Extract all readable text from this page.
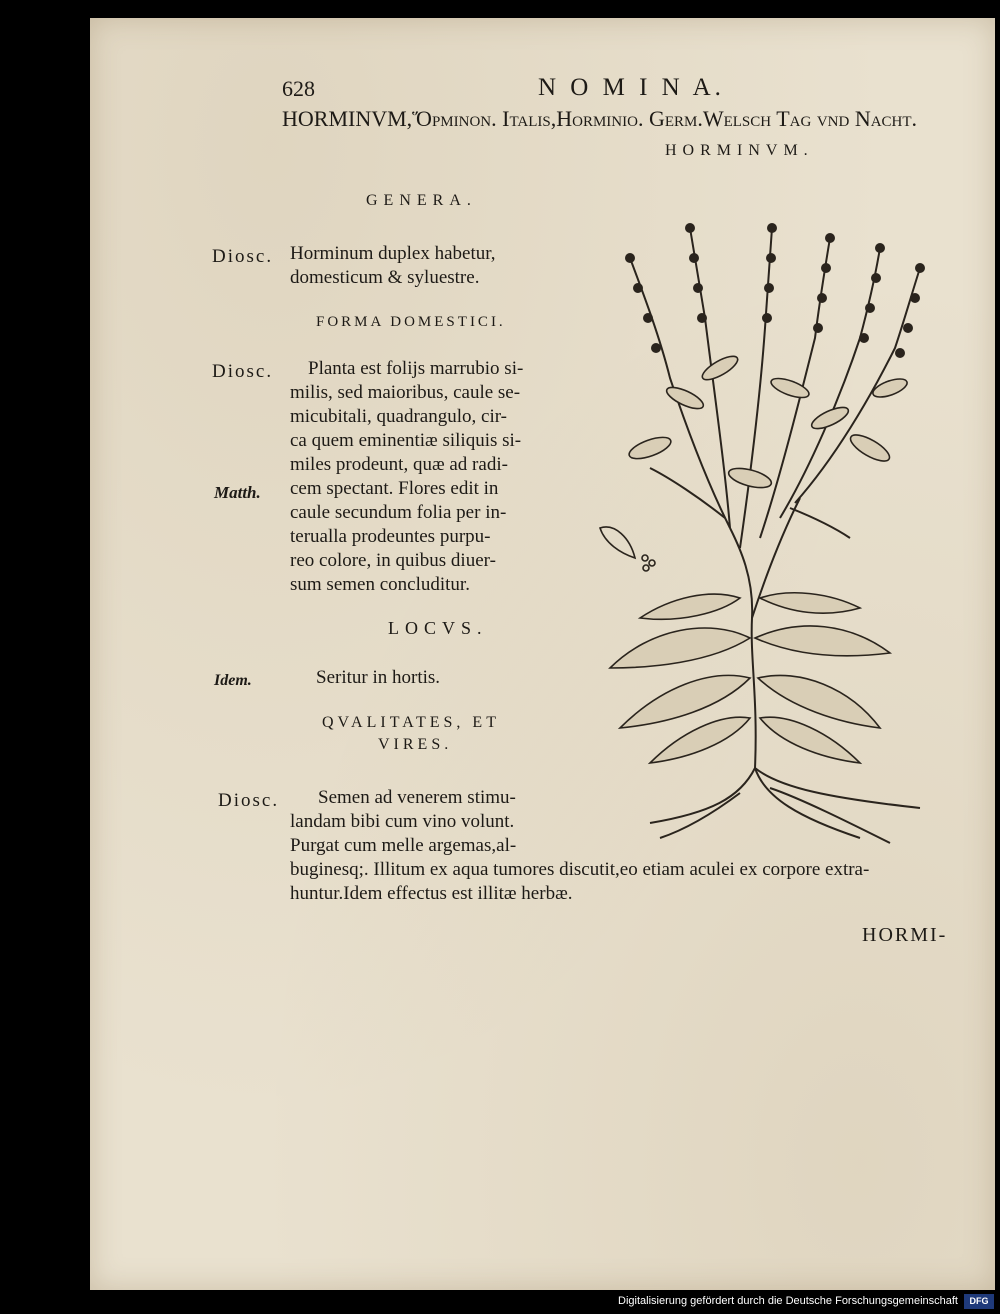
628	N O M I N A.
HORMINVM,Ὅρμινον. Italis,Horminio. Germ.Welsch Tag vnd Nacht.
HORMINVM.
GENERA.
Diosc. Horminum duplex habetur,
domesticum & syluestre.
FORMA DOMESTICI.
Diosc.
Matth.
Planta est folijs marrubio si-
milis, sed maioribus, caule se-
micubitali, quadrangulo, cir-
ca quem eminentiæ siliquis si-
miles prodeunt, quæ ad radi-
cem spectant. Flores edit in
caule secundum folia per in-
terualla prodeuntes purpu-
reo colore, in quibus diuer-
sum semen concluditur.
LOCVS.
Idem.	Seritur in hortis.
QVALITATES, ET
VIRES.
Diosc. Semen ad venerem stimu-
landam bibi cum vino volunt.
Purgat cum melle argemas,al-
buginesq;. Illitum ex aqua tumores discutit,eo etiam aculei ex corpore extra-
huntur.Idem effectus est illitæ herbæ.
HORMI-
Digitalisierung gefördert durch die Deutsche Forschungsgemeinschaft	DFG
